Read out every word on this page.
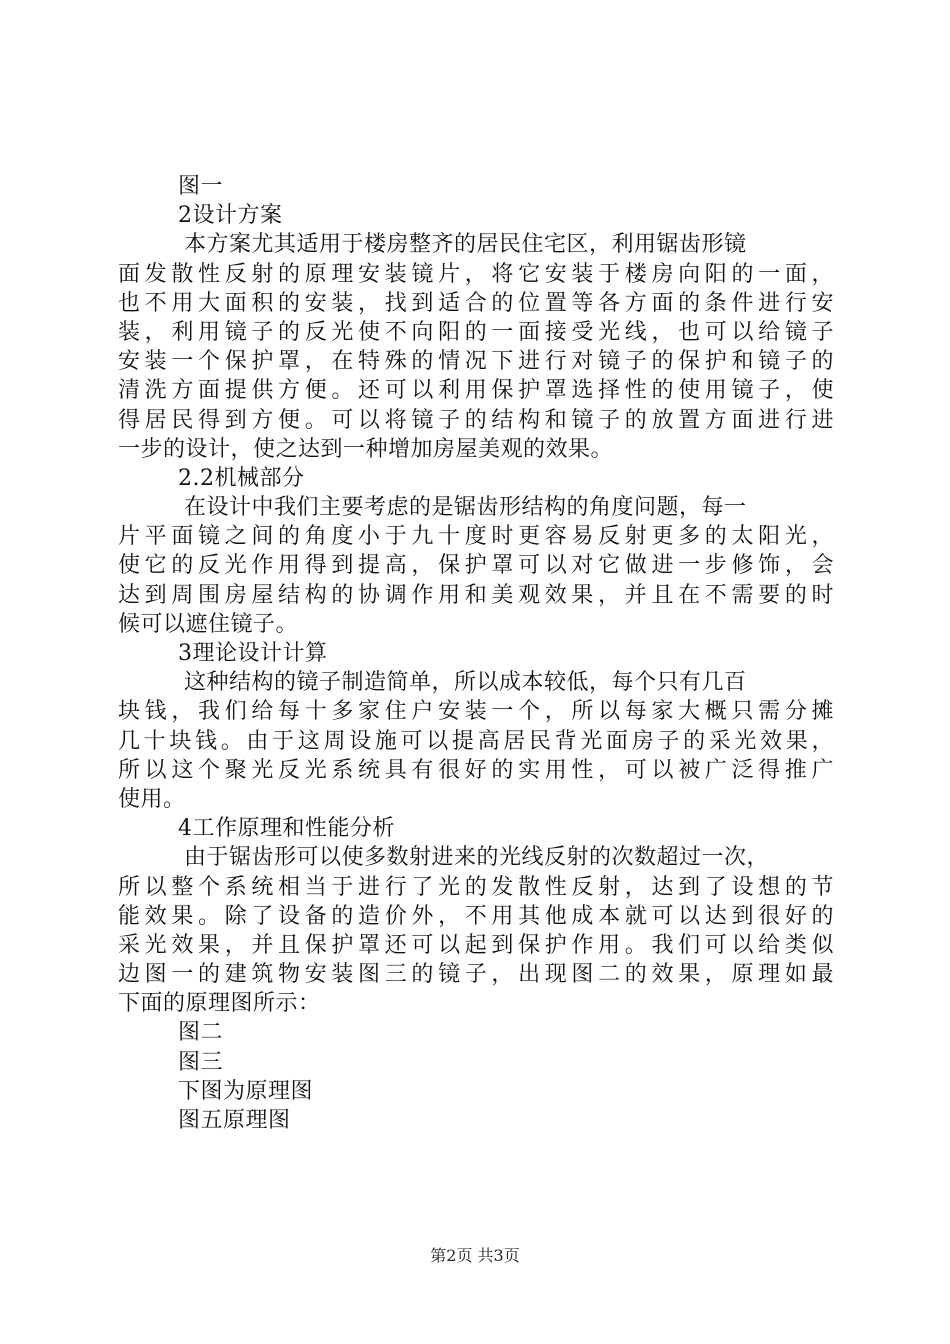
图一
2设计方案
本方案尤其适用于楼房整齐的居民住宅区，利用锯齿形镜
面发散性反射的原理安装镜片，将它安装于楼房向阳的一面，
也不用大面积的安装，找到适合的位置等各方面的条件进行安
装，利用镜子的反光使不向阳的一面接受光线，也可以给镜子
安装一个保护罩，在特殊的情况下进行对镜子的保护和镜子的
清洗方面提供方便。还可以利用保护罩选择性的使用镜子，使
得居民得到方便。可以将镜子的结构和镜子的放置方面进行进
一步的设计，使之达到一种增加房屋美观的效果。
2.2机械部分
在设计中我们主要考虑的是锯齿形结构的角度问题，每一
片平面镜之间的角度小于九十度时更容易反射更多的太阳光，
使它的反光作用得到提高，保护罩可以对它做进一步修饰，会
达到周围房屋结构的协调作用和美观效果，并且在不需要的时
候可以遮住镜子。
3理论设计计算
这种结构的镜子制造简单，所以成本较低，每个只有几百
块钱，我们给每十多家住户安装一个，所以每家大概只需分摊
几十块钱。由于这周设施可以提高居民背光面房子的采光效果，
所以这个聚光反光系统具有很好的实用性，可以被广泛得推广
使用。
4工作原理和性能分析
由于锯齿形可以使多数射进来的光线反射的次数超过一次，
所以整个系统相当于进行了光的发散性反射，达到了设想的节
能效果。除了设备的造价外，不用其他成本就可以达到很好的
采光效果，并且保护罩还可以起到保护作用。我们可以给类似
边图一的建筑物安装图三的镜子，出现图二的效果，原理如最
下面的原理图所示：
图二
图三
下图为原理图
图五原理图
第2页 共3页
